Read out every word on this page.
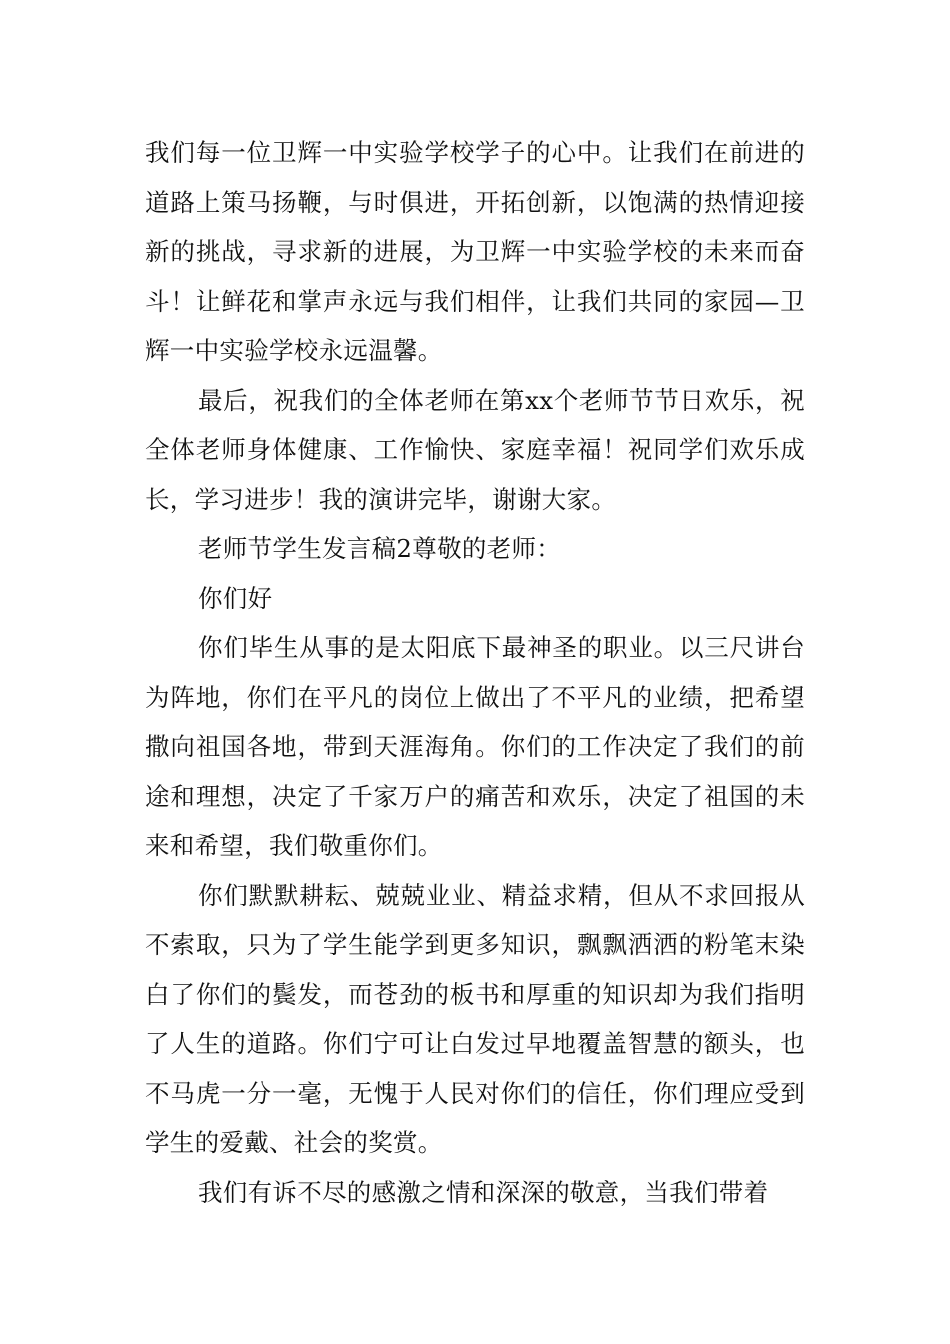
我们每一位卫辉一中实验学校学子的心中。让我们在前进的道路上策马扬鞭，与时俱进，开拓创新，以饱满的热情迎接新的挑战，寻求新的进展，为卫辉一中实验学校的未来而奋斗！让鲜花和掌声永远与我们相伴，让我们共同的家园—卫辉一中实验学校永远温馨。

最后，祝我们的全体老师在第xx个老师节节日欢乐，祝全体老师身体健康、工作愉快、家庭幸福！祝同学们欢乐成长，学习进步！我的演讲完毕，谢谢大家。

老师节学生发言稿2尊敬的老师：

你们好

你们毕生从事的是太阳底下最神圣的职业。以三尺讲台为阵地，你们在平凡的岗位上做出了不平凡的业绩，把希望撒向祖国各地，带到天涯海角。你们的工作决定了我们的前途和理想，决定了千家万户的痛苦和欢乐，决定了祖国的未来和希望，我们敬重你们。

你们默默耕耘、兢兢业业、精益求精，但从不求回报从不索取，只为了学生能学到更多知识，飘飘洒洒的粉笔末染白了你们的鬓发，而苍劲的板书和厚重的知识却为我们指明了人生的道路。你们宁可让白发过早地覆盖智慧的额头，也不马虎一分一毫，无愧于人民对你们的信任，你们理应受到学生的爱戴、社会的奖赏。

我们有诉不尽的感激之情和深深的敬意，当我们带着
